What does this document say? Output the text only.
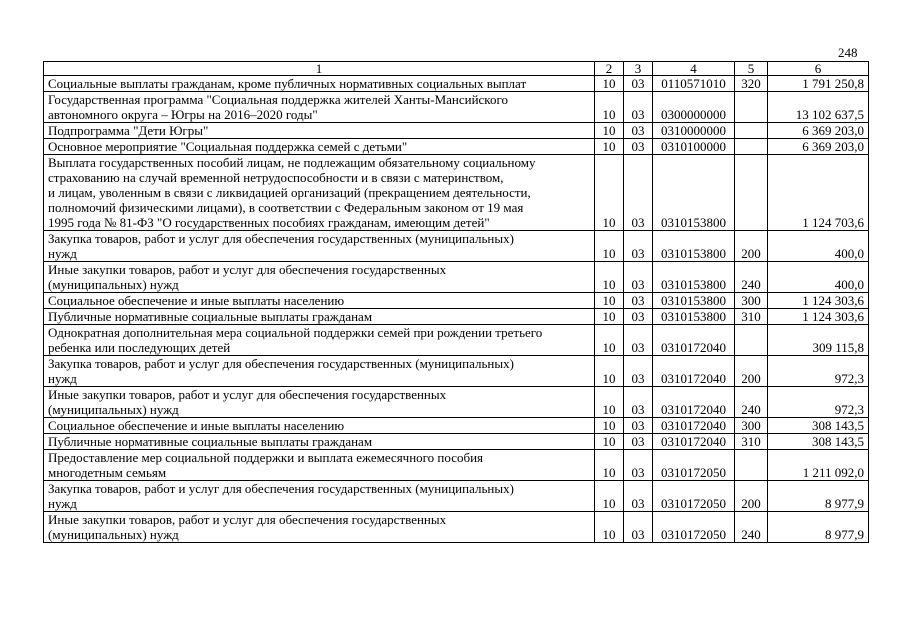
248
1	2	3	4	5	6
Социальные выплаты гражданам, кроме публичных нормативных социальных выплат	10	03	0110571010	320	1 791 250,8
Государственная программа "Социальная поддержка жителей Ханты-Мансийского
автономного округа – Югры на 2016–2020 годы"	10	03	0300000000		13 102 637,5
Подпрограмма "Дети Югры"	10	03	0310000000		6 369 203,0
Основное мероприятие "Социальная поддержка семей с детьми"	10	03	0310100000		6 369 203,0
Выплата государственных пособий лицам, не подлежащим обязательному социальному
страхованию на случай временной нетрудоспособности и в связи с материнством,
и лицам, уволенным в связи с ликвидацией организаций (прекращением деятельности,
полномочий физическими лицами), в соответствии с Федеральным законом от 19 мая
1995 года № 81-ФЗ "О государственных пособиях гражданам, имеющим детей"	10	03	0310153800		1 124 703,6
Закупка товаров, работ и услуг для обеспечения государственных (муниципальных)
нужд	10	03	0310153800	200	400,0
Иные закупки товаров, работ и услуг для обеспечения государственных
(муниципальных) нужд	10	03	0310153800	240	400,0
Социальное обеспечение и иные выплаты населению	10	03	0310153800	300	1 124 303,6
Публичные нормативные социальные выплаты гражданам	10	03	0310153800	310	1 124 303,6
Однократная дополнительная мера социальной поддержки семей при рождении третьего
ребенка или последующих детей	10	03	0310172040		309 115,8
Закупка товаров, работ и услуг для обеспечения государственных (муниципальных)
нужд	10	03	0310172040	200	972,3
Иные закупки товаров, работ и услуг для обеспечения государственных
(муниципальных) нужд	10	03	0310172040	240	972,3
Социальное обеспечение и иные выплаты населению	10	03	0310172040	300	308 143,5
Публичные нормативные социальные выплаты гражданам	10	03	0310172040	310	308 143,5
Предоставление мер социальной поддержки и выплата ежемесячного пособия
многодетным семьям	10	03	0310172050		1 211 092,0
Закупка товаров, работ и услуг для обеспечения государственных (муниципальных)
нужд	10	03	0310172050	200	8 977,9
Иные закупки товаров, работ и услуг для обеспечения государственных
(муниципальных) нужд	10	03	0310172050	240	8 977,9
